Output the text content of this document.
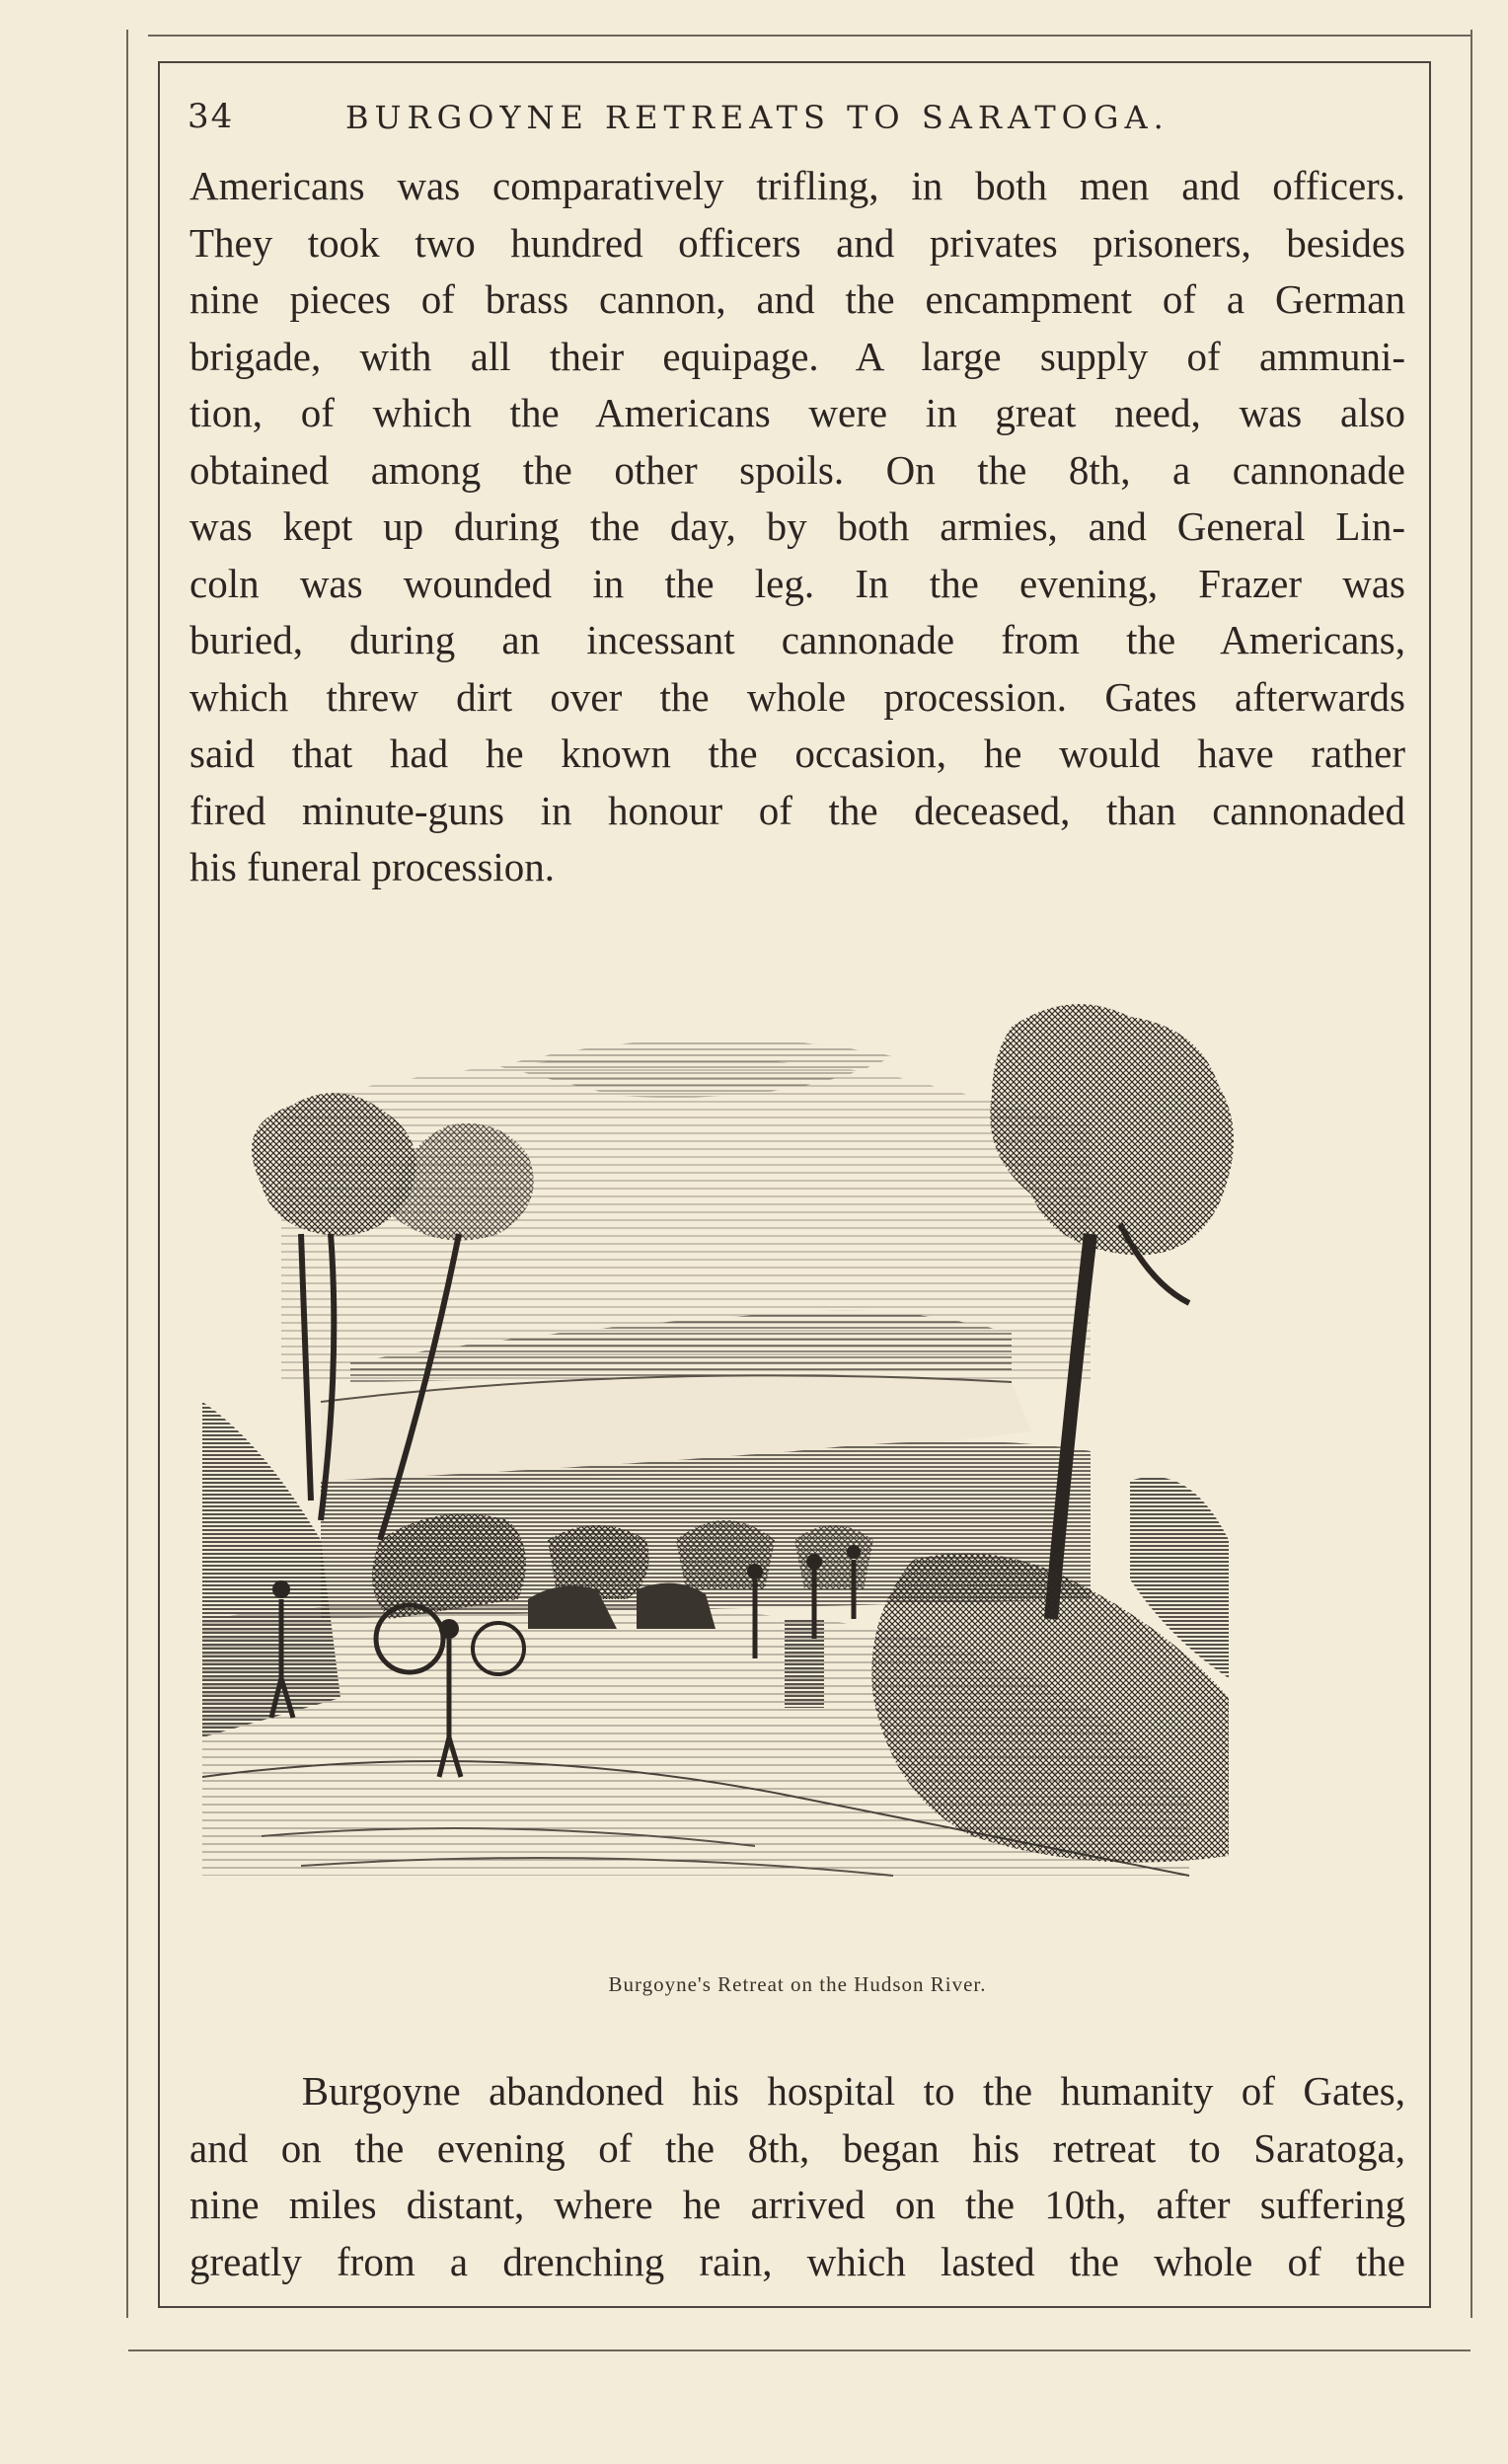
34	BURGOYNE RETREATS TO SARATOGA.
Americans was comparatively trifling, in both men and officers.
They took two hundred officers and privates prisoners, besides
nine pieces of brass cannon, and the encampment of a German
brigade, with all their equipage. A large supply of ammuni-
tion, of which the Americans were in great need, was also
obtained among the other spoils. On the 8th, a cannonade
was kept up during the day, by both armies, and General Lin-
coln was wounded in the leg. In the evening, Frazer was
buried, during an incessant cannonade from the Americans,
which threw dirt over the whole procession. Gates afterwards
said that had he known the occasion, he would have rather
fired minute-guns in honour of the deceased, than cannonaded
his funeral procession.
Burgoyne's Retreat on the Hudson River.
Burgoyne abandoned his hospital to the humanity of Gates,
and on the evening of the 8th, began his retreat to Saratoga,
nine miles distant, where he arrived on the 10th, after suffering
greatly from a drenching rain, which lasted the whole of the
